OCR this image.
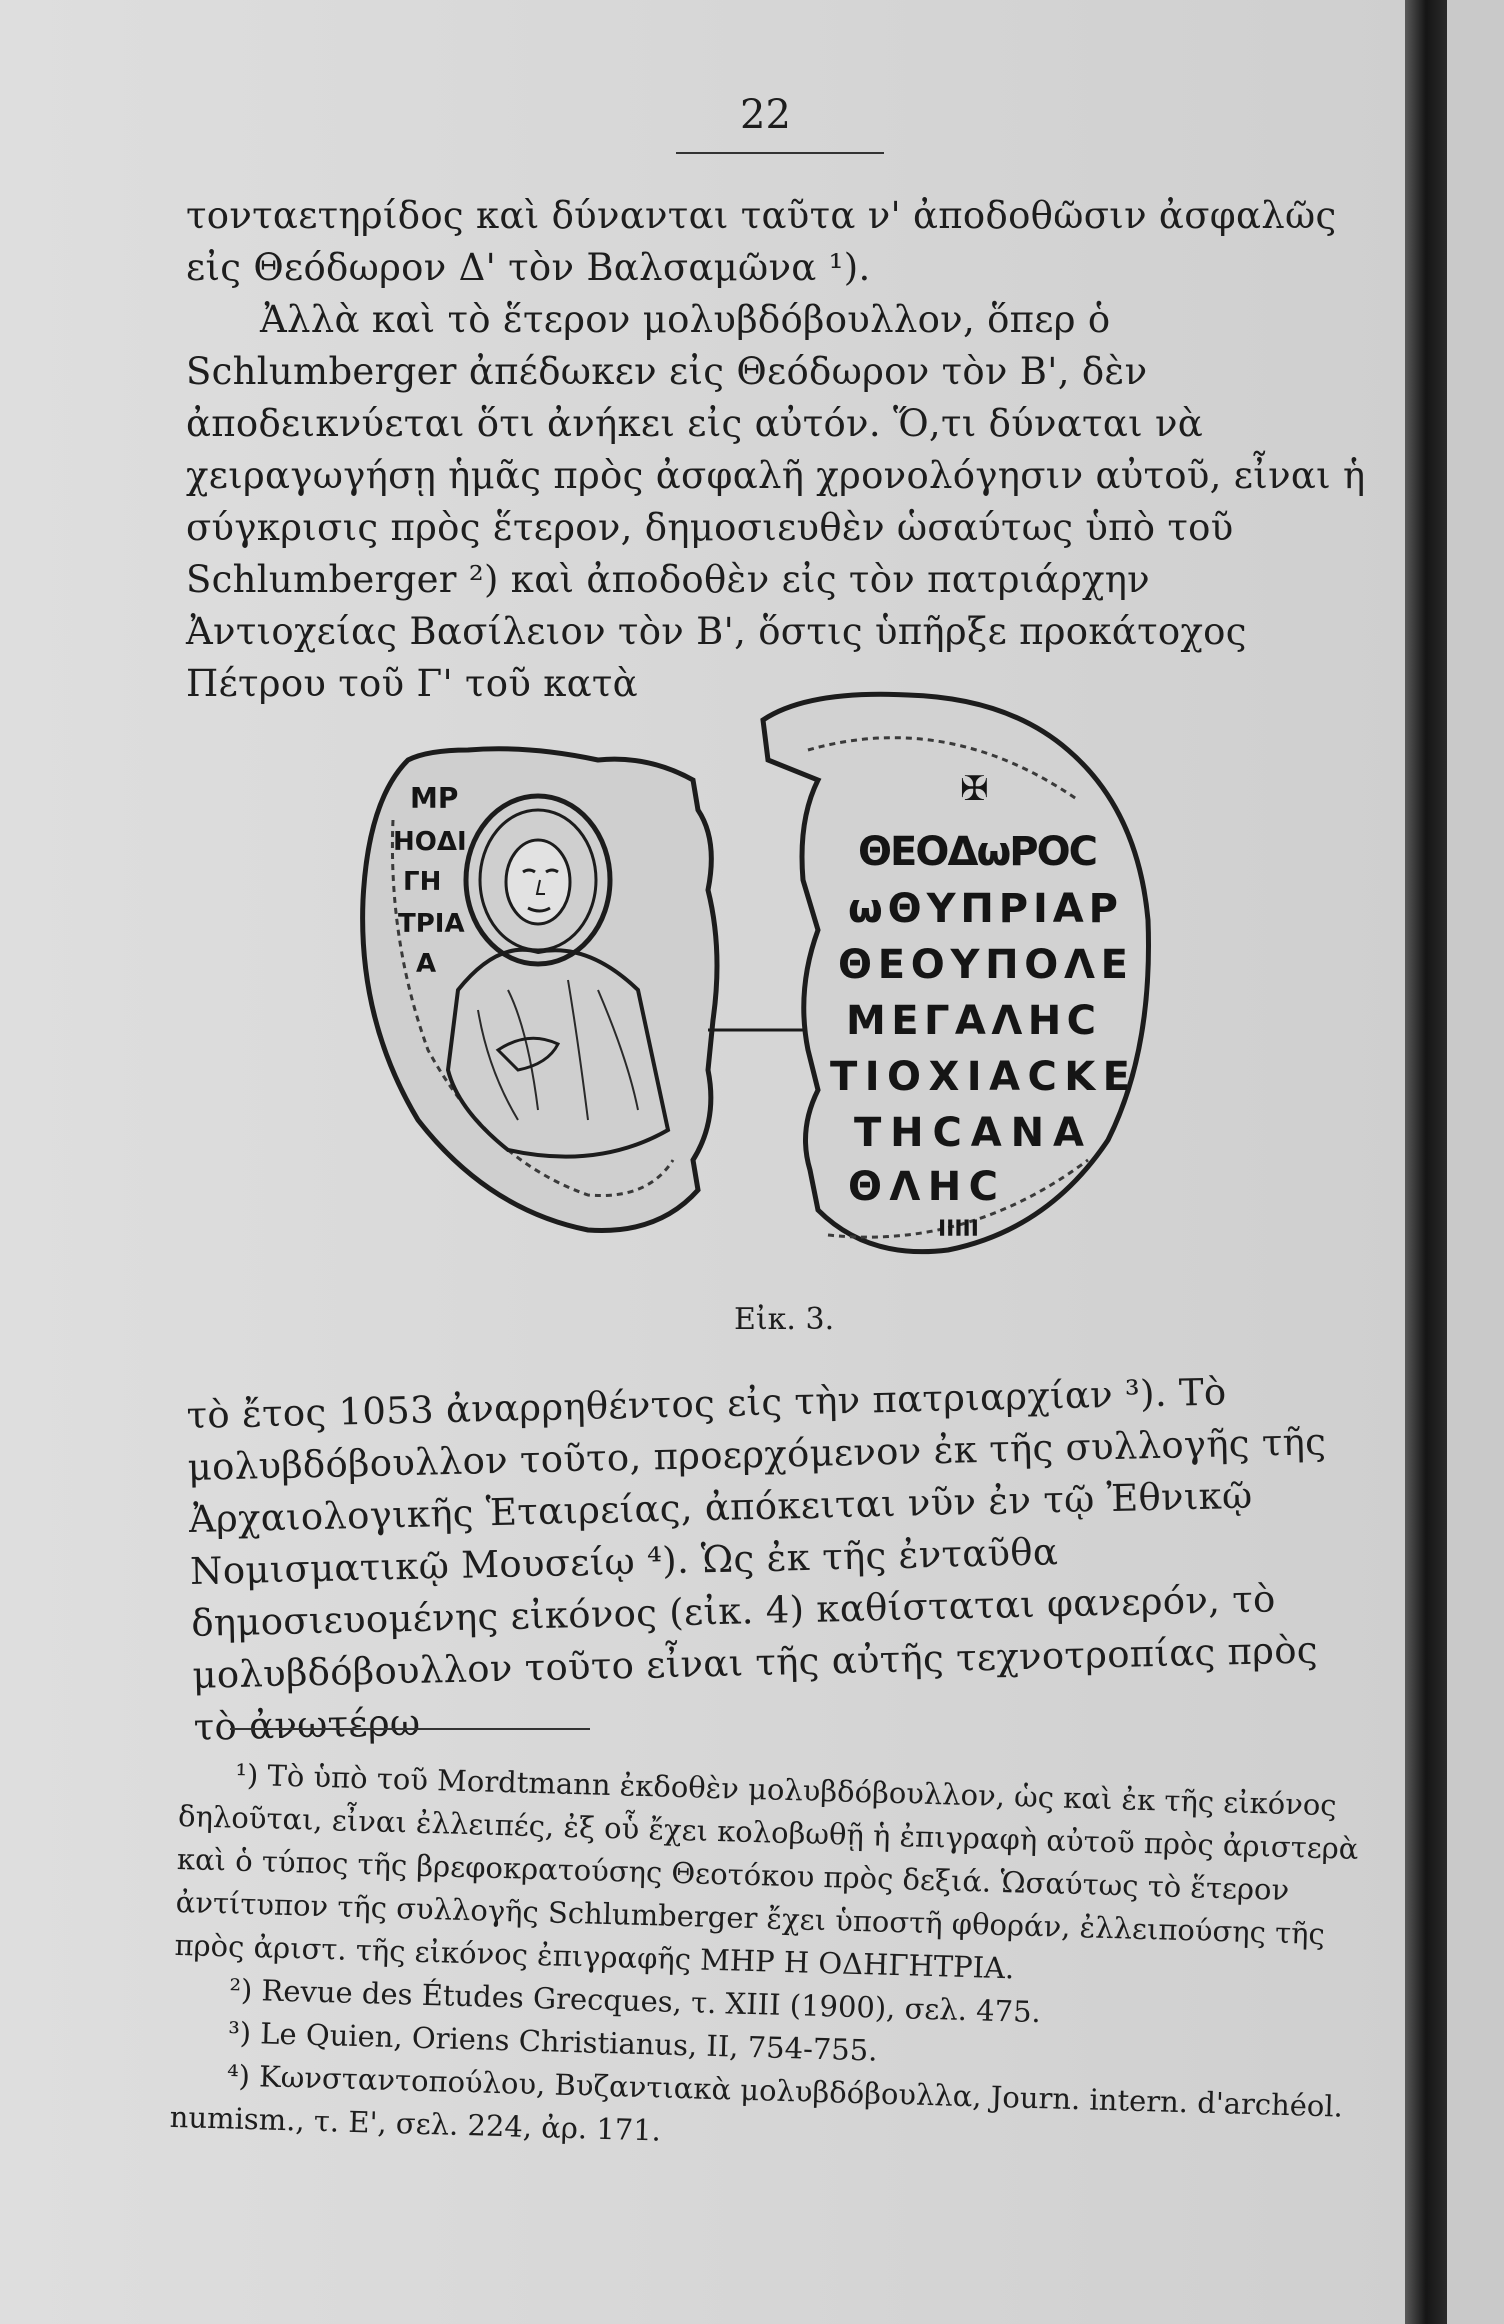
22

τονταετηρίδος καὶ δύνανται ταῦτα ν' ἀποδοθῶσιν ἀσφαλῶς εἰς Θεόδωρον Δ' τὸν Βαλσαμῶνα ¹).

Ἀλλὰ καὶ τὸ ἕτερον μολυβδόβουλλον, ὅπερ ὁ Schlumberger ἀπέδωκεν εἰς Θεόδωρον τὸν Β', δὲν ἀποδεικνύεται ὅτι ἀνήκει εἰς αὐτόν. Ὅ,τι δύναται νὰ χειραγωγήσῃ ἡμᾶς πρὸς ἀσφαλῆ χρονολόγησιν αὐτοῦ, εἶναι ἡ σύγκρισις πρὸς ἕτερον, δημοσιευθὲν ὡσαύτως ὑπὸ τοῦ Schlumberger ²) καὶ ἀποδοθὲν εἰς τὸν πατριάρχην Ἀντιοχείας Βασίλειον τὸν Β', ὅστις ὑπῆρξε προκάτοχος Πέτρου τοῦ Γ' τοῦ κατὰ

ΜΡ
ΗΟΔΙ
ΓΗ
ΤΡΙΑ
Α
✠
ΘΕΟΔωΡΟϹ
ωΘΥΠΡΙΑΡ
ΘΕΟΥΠΟΛΕ
ΜΕΓΑΛΗϹ
ΤΙΟΧΙΑϹΚΕ
ΤΗϹΑΝΑ
ΘΛΗϹ
ΙΙΙΙΙ
Εἰκ. 3.

τὸ ἔτος 1053 ἀναρρηθέντος εἰς τὴν πατριαρχίαν ³). Τὸ μολυβδόβουλλον τοῦτο, προερχόμενον ἐκ τῆς συλλογῆς τῆς Ἀρχαιολογικῆς Ἑταιρείας, ἀπόκειται νῦν ἐν τῷ Ἐθνικῷ Νομισματικῷ Μουσείῳ ⁴). Ὡς ἐκ τῆς ἐνταῦθα δημοσιευομένης εἰκόνος (εἰκ. 4) καθίσταται φανερόν, τὸ μολυβδόβουλλον τοῦτο εἶναι τῆς αὐτῆς τεχνοτροπίας πρὸς τὸ ἀνωτέρω

¹) Τὸ ὑπὸ τοῦ Mordtmann ἐκδοθὲν μολυβδόβουλλον, ὡς καὶ ἐκ τῆς εἰκόνος δηλοῦται, εἶναι ἐλλειπές, ἐξ οὗ ἔχει κολοβωθῇ ἡ ἐπιγραφὴ αὐτοῦ πρὸς ἀριστερὰ καὶ ὁ τύπος τῆς βρεφοκρατούσης Θεοτόκου πρὸς δεξιά. Ὡσαύτως τὸ ἕτερον ἀντίτυπον τῆς συλλογῆς Schlumberger ἔχει ὑποστῆ φθοράν, ἐλλειπούσης τῆς πρὸς ἀριστ. τῆς εἰκόνος ἐπιγραφῆς ΜΗΡ Η ΟΔΗΓΗΤΡΙΑ.

²) Revue des Études Grecques, τ. XIII (1900), σελ. 475.

³) Le Quien, Oriens Christianus, II, 754-755.

⁴) Κωνσταντοπούλου, Βυζαντιακὰ μολυβδόβουλλα, Journ. intern. d'archéol. numism., τ. Ε', σελ. 224, ἀρ. 171.
